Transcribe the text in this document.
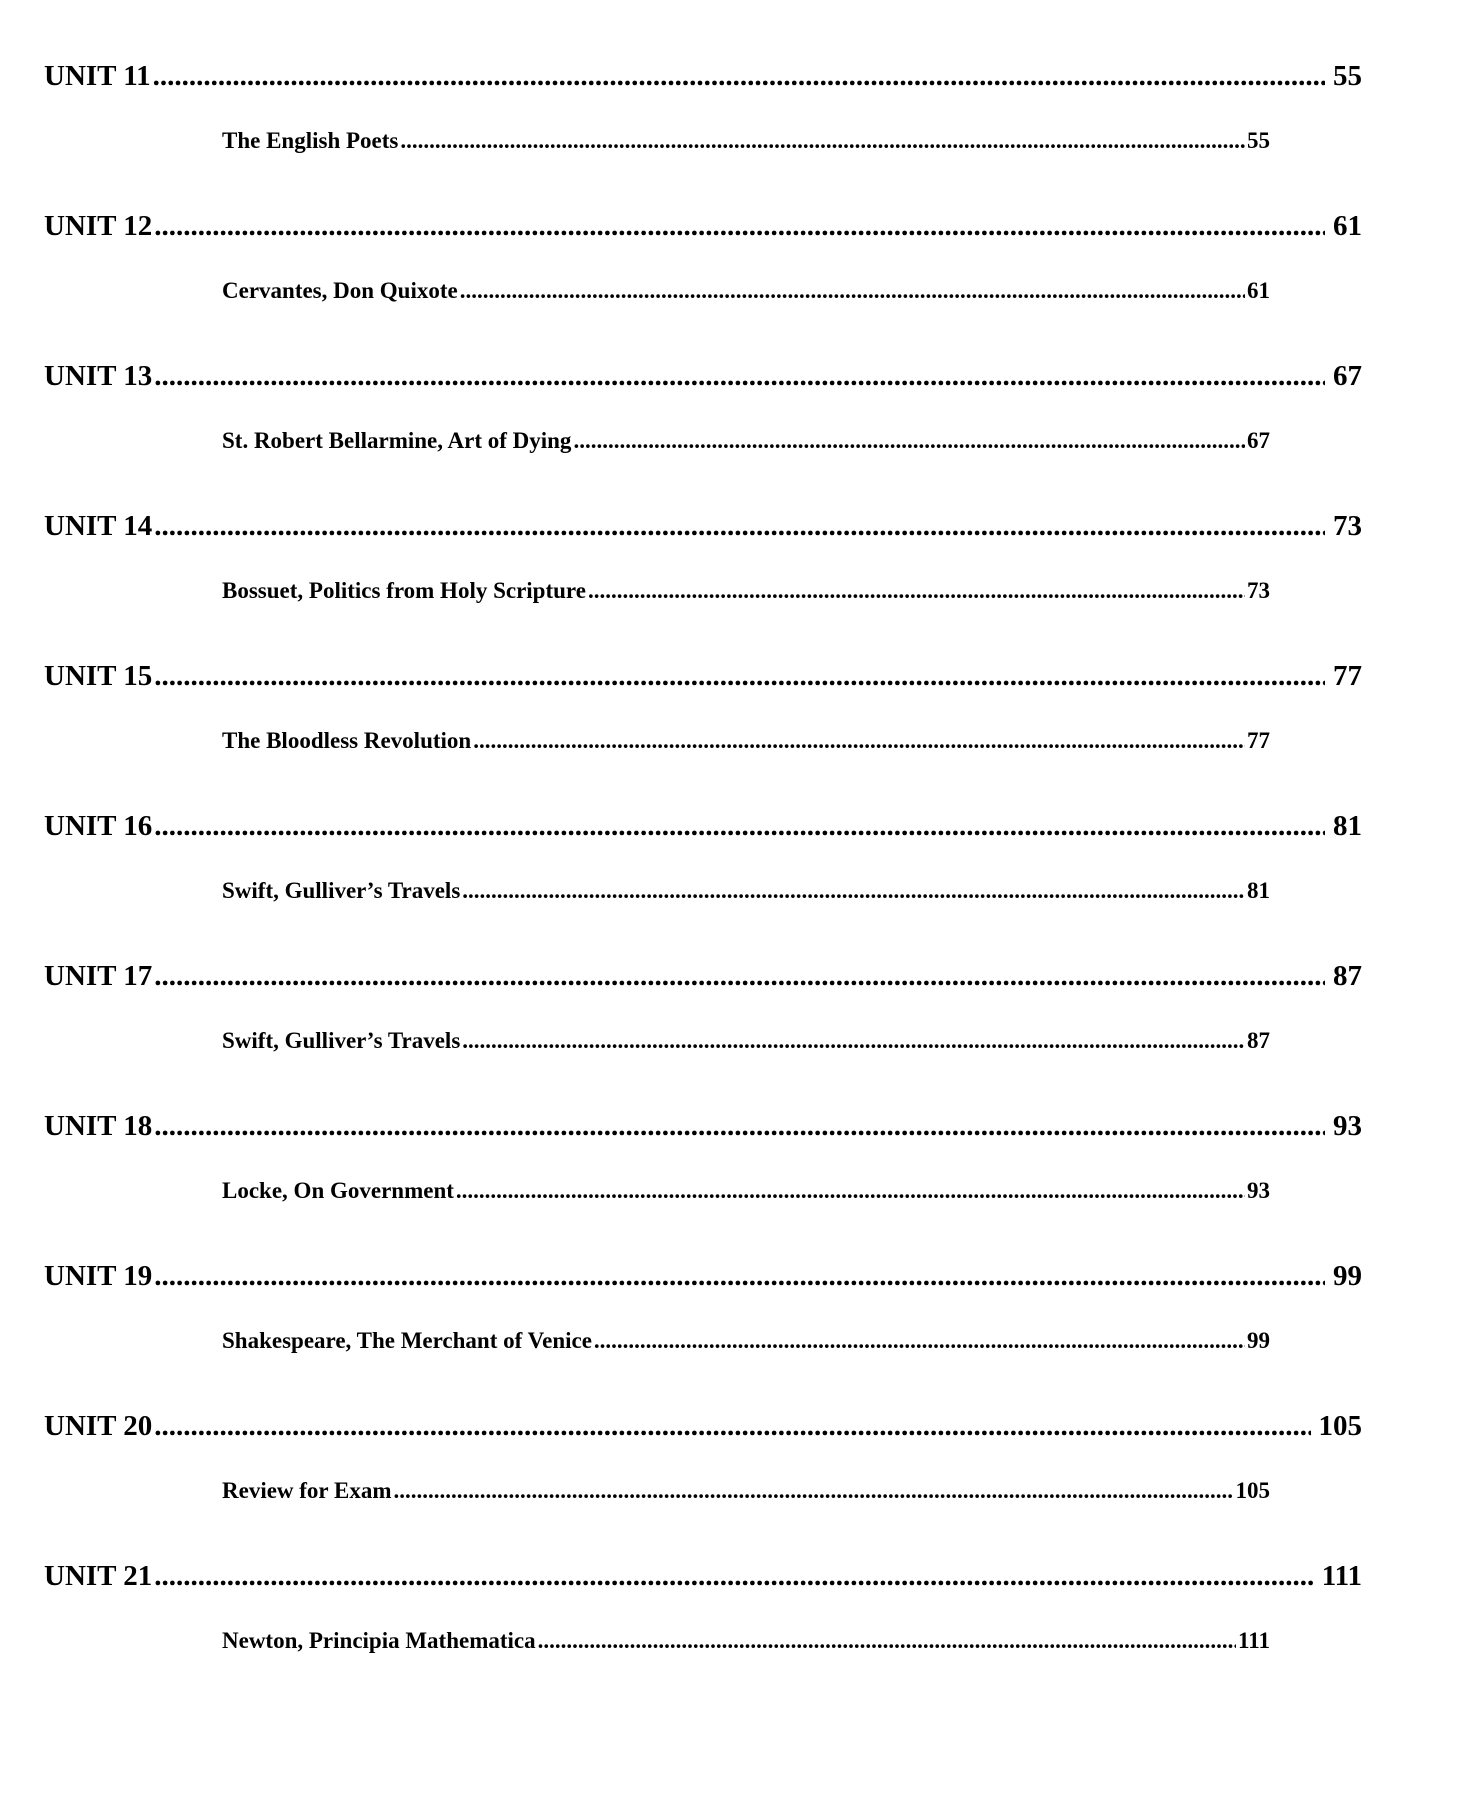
UNIT 11 .....	55
The English Poets .....	55
UNIT 12 .....	61
Cervantes, Don Quixote .....	61
UNIT 13 .....	67
St. Robert Bellarmine, Art of Dying .....	67
UNIT 14 .....	73
Bossuet, Politics from Holy Scripture .....	73
UNIT 15 .....	77
The Bloodless Revolution .....	77
UNIT 16 .....	81
Swift, Gulliver’s Travels .....	81
UNIT 17 .....	87
Swift, Gulliver’s Travels .....	87
UNIT 18 .....	93
Locke, On Government .....	93
UNIT 19 .....	99
Shakespeare, The Merchant of Venice .....	99
UNIT 20 .....	105
Review for Exam .....	105
UNIT 21 .....	111
Newton, Principia Mathematica .....	111
